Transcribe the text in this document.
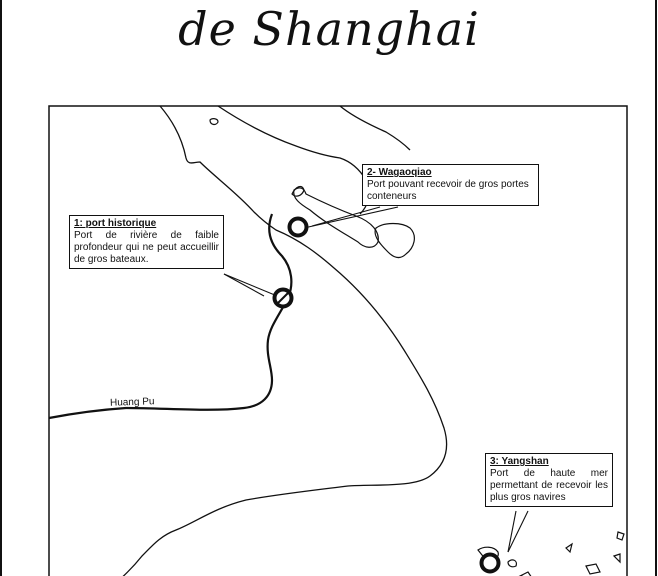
de Shanghai
Huang Pu
1: port historique
Port de rivière de faible profondeur qui ne peut accueillir de gros bateaux.
2- Wagaoqiao
Port pouvant recevoir de gros portes conteneurs
3: Yangshan
Port de haute mer permettant de recevoir les plus gros navires
